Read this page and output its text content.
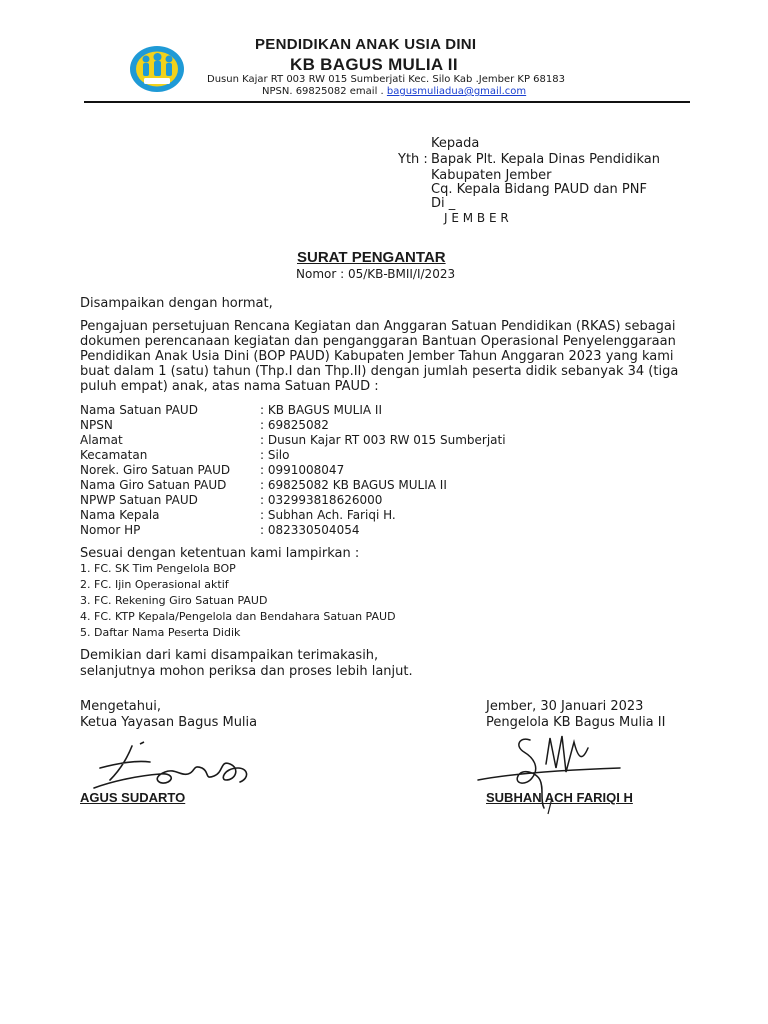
PENDIDIKAN ANAK USIA DINI
KB BAGUS MULIA II
Dusun Kajar RT 003 RW 015 Sumberjati Kec. Silo Kab .Jember KP 68183
NPSN. 69825082 email . bagusmuliadua@gmail.com
Kepada
Yth : Bapak Plt. Kepala Dinas Pendidikan
Kabupaten Jember
Cq. Kepala Bidang PAUD dan PNF
Di _
J E M B E R
SURAT PENGANTAR
Nomor : 05/KB-BMII/I/2023
Disampaikan dengan hormat,
Pengajuan persetujuan Rencana Kegiatan dan Anggaran Satuan Pendidikan (RKAS) sebagai
dokumen perencanaan kegiatan dan penganggaran Bantuan Operasional Penyelenggaraan
Pendidikan Anak Usia Dini (BOP PAUD) Kabupaten Jember Tahun Anggaran 2023 yang kami
buat dalam 1 (satu) tahun (Thp.I dan Thp.II) dengan jumlah peserta didik sebanyak 34 (tiga
puluh empat) anak, atas nama Satuan PAUD :
Nama Satuan PAUD	: KB BAGUS MULIA II
NPSN	: 69825082
Alamat	: Dusun Kajar RT 003 RW 015 Sumberjati
Kecamatan	: Silo
Norek. Giro Satuan PAUD : 0991008047
Nama Giro Satuan PAUD	: 69825082 KB BAGUS MULIA II
NPWP Satuan PAUD	: 032993818626000
Nama Kepala	: Subhan Ach. Fariqi H.
Nomor HP	: 082330504054
Sesuai dengan ketentuan kami lampirkan :
1. FC. SK Tim Pengelola BOP
2. FC. Ijin Operasional aktif
3. FC. Rekening Giro Satuan PAUD
4. FC. KTP Kepala/Pengelola dan Bendahara Satuan PAUD
5. Daftar Nama Peserta Didik
Demikian dari kami disampaikan terimakasih,
selanjutnya mohon periksa dan proses lebih lanjut.
Mengetahui,
Ketua Yayasan Bagus Mulia
AGUS SUDARTO
Jember, 30 Januari 2023
Pengelola KB Bagus Mulia II
SUBHAN ACH FARIQI H
